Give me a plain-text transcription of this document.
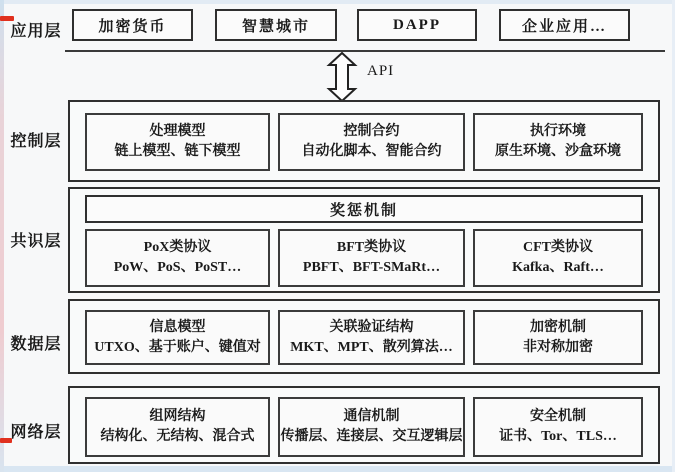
应用层
控制层
共识层
数据层
网络层
加密货币	智慧城市	DAPP	企业应用…
API
处理模型
链上模型、链下模型
控制合约
自动化脚本、智能合约
执行环境
原生环境、沙盒环境
奖惩机制
PoX类协议
PoW、PoS、PoST…
BFT类协议
PBFT、BFT-SMaRt…
CFT类协议
Kafka、Raft…
信息模型
UTXO、基于账户、键值对
关联验证结构
MKT、MPT、散列算法…
加密机制
非对称加密
组网结构
结构化、无结构、混合式
通信机制
传播层、连接层、交互逻辑层
安全机制
证书、Tor、TLS…
